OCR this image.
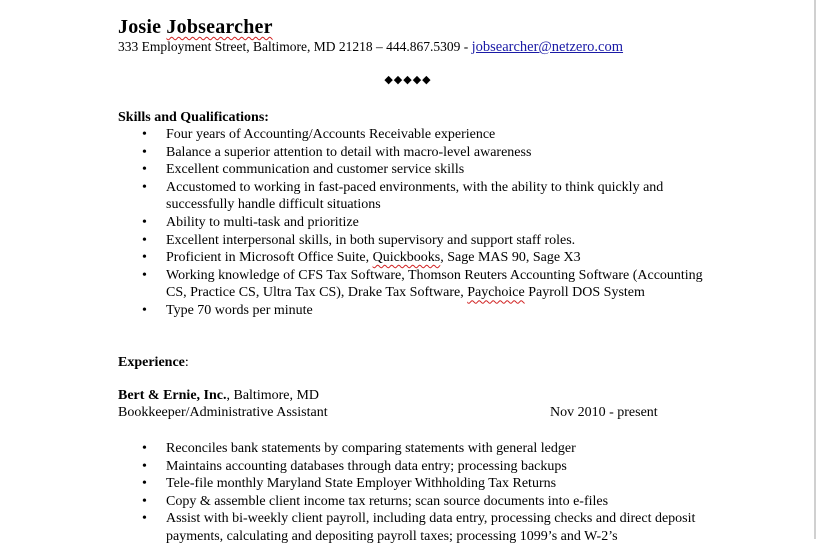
Josie Jobsearcher
333 Employment Street, Baltimore, MD 21218 – 444.867.5309 - jobsearcher@netzero.com
◆◆◆◆◆
Skills and Qualifications:
• Four years of Accounting/Accounts Receivable experience
• Balance a superior attention to detail with macro-level awareness
• Excellent communication and customer service skills
• Accustomed to working in fast-paced environments, with the ability to think quickly and successfully handle difficult situations
• Ability to multi-task and prioritize
• Excellent interpersonal skills, in both supervisory and support staff roles.
• Proficient in Microsoft Office Suite, Quickbooks, Sage MAS 90, Sage X3
• Working knowledge of CFS Tax Software, Thomson Reuters Accounting Software (Accounting CS, Practice CS, Ultra Tax CS), Drake Tax Software, Paychoice Payroll DOS System
• Type 70 words per minute
Experience:
Bert & Ernie, Inc., Baltimore, MD
Bookkeeper/Administrative Assistant	Nov 2010 - present
• Reconciles bank statements by comparing statements with general ledger
• Maintains accounting databases through data entry; processing backups
• Tele-file monthly Maryland State Employer Withholding Tax Returns
• Copy & assemble client income tax returns; scan source documents into e-files
• Assist with bi-weekly client payroll, including data entry, processing checks and direct deposit payments, calculating and depositing payroll taxes; processing 1099’s and W-2’s
